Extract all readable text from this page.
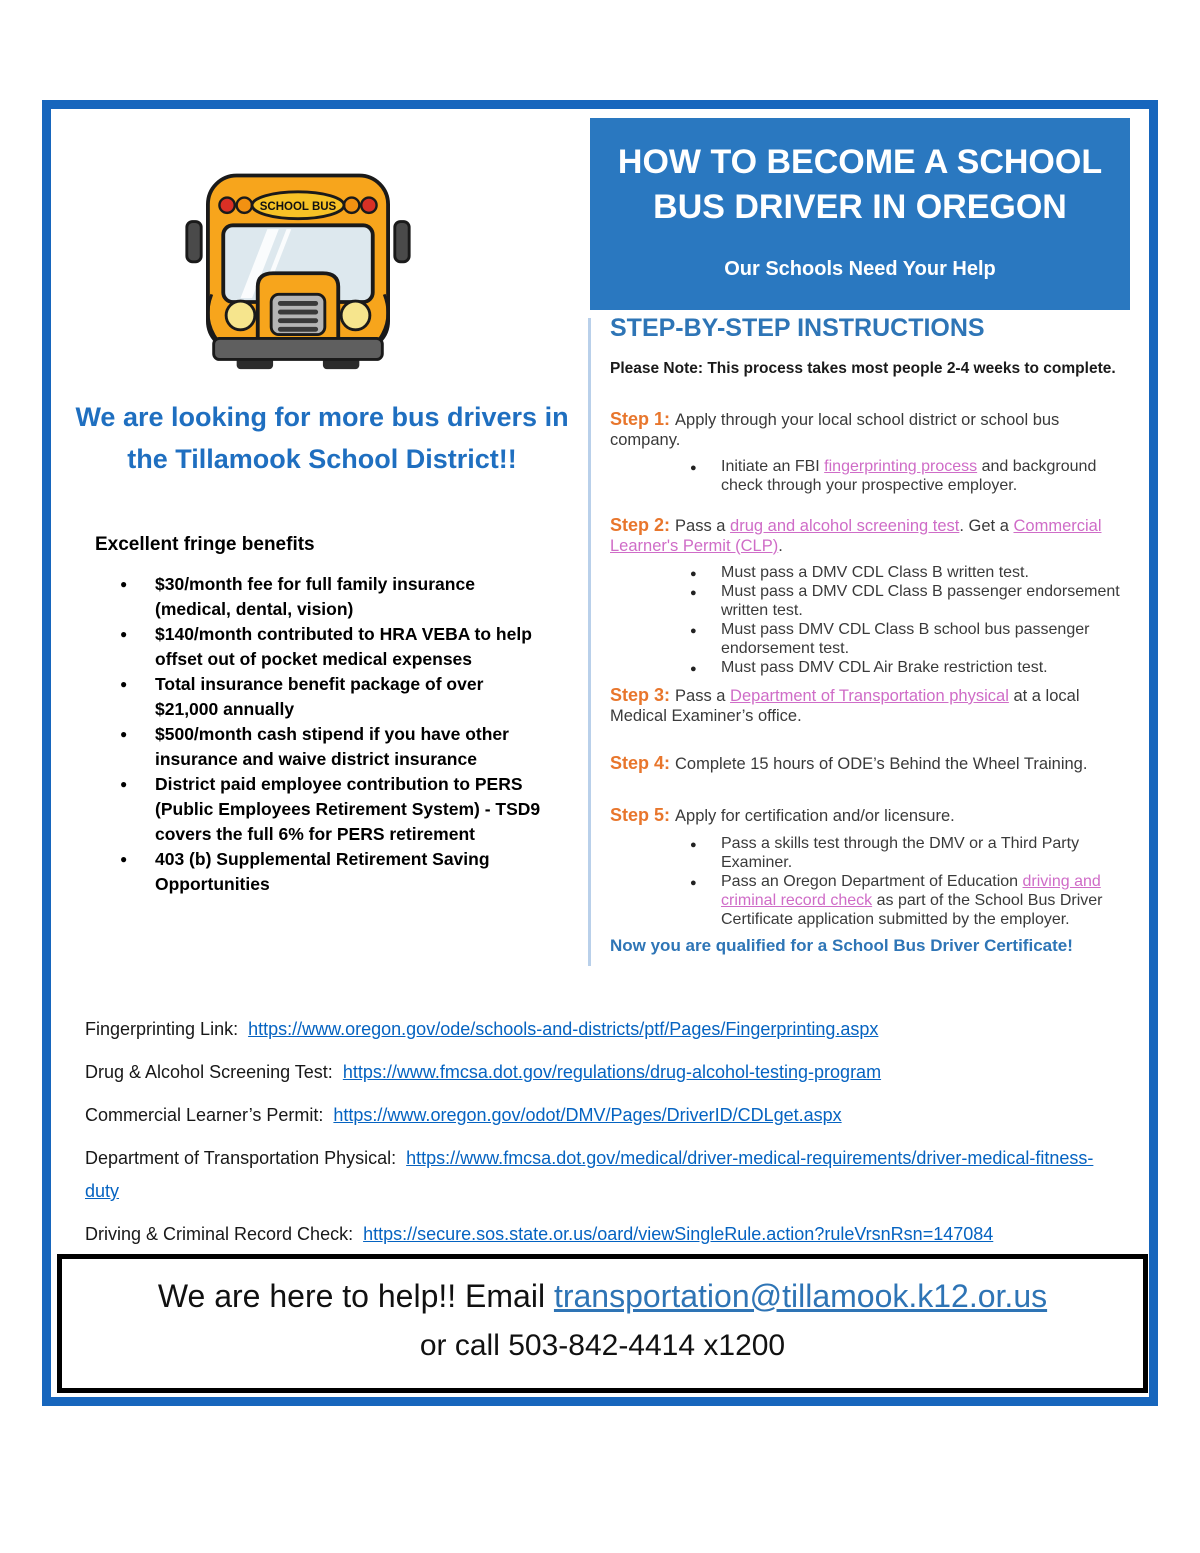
HOW TO BECOME A SCHOOL
BUS DRIVER IN OREGON
Our Schools Need Your Help
SCHOOL BUS
We are looking for more bus drivers in the Tillamook School District!!
Excellent fringe benefits
● $30/month fee for full family insurance (medical, dental, vision)
● $140/month contributed to HRA VEBA to help offset out of pocket medical expenses
● Total insurance benefit package of over $21,000 annually
● $500/month cash stipend if you have other insurance and waive district insurance
● District paid employee contribution to PERS (Public Employees Retirement System) - TSD9 covers the full 6% for PERS retirement
● 403 (b) Supplemental Retirement Saving Opportunities
STEP-BY-STEP INSTRUCTIONS
Please Note: This process takes most people 2-4 weeks to complete.

Step 1: Apply through your local school district or school bus company.

● Initiate an FBI fingerprinting process and background check through your prospective employer.

Step 2: Pass a drug and alcohol screening test. Get a Commercial Learner's Permit (CLP).

● Must pass a DMV CDL Class B written test.
● Must pass a DMV CDL Class B passenger endorsement written test.
● Must pass DMV CDL Class B school bus passenger endorsement test.
● Must pass DMV CDL Air Brake restriction test.

Step 3: Pass a Department of Transportation physical at a local Medical Examiner’s office.

Step 4: Complete 15 hours of ODE’s Behind the Wheel Training.

Step 5: Apply for certification and/or licensure.

● Pass a skills test through the DMV or a Third Party Examiner.
● Pass an Oregon Department of Education driving and criminal record check as part of the School Bus Driver Certificate application submitted by the employer.
Now you are qualified for a School Bus Driver Certificate!

Fingerprinting Link:  https://www.oregon.gov/ode/schools-and-districts/ptf/Pages/Fingerprinting.aspx

Drug & Alcohol Screening Test:  https://www.fmcsa.dot.gov/regulations/drug-alcohol-testing-program

Commercial Learner’s Permit:  https://www.oregon.gov/odot/DMV/Pages/DriverID/CDLget.aspx

Department of Transportation Physical:  https://www.fmcsa.dot.gov/medical/driver-medical-requirements/driver-medical-fitness-duty

Driving & Criminal Record Check:  https://secure.sos.state.or.us/oard/viewSingleRule.action?ruleVrsnRsn=147084

We are here to help!! Email transportation@tillamook.k12.or.us

or call 503-842-4414 x1200
